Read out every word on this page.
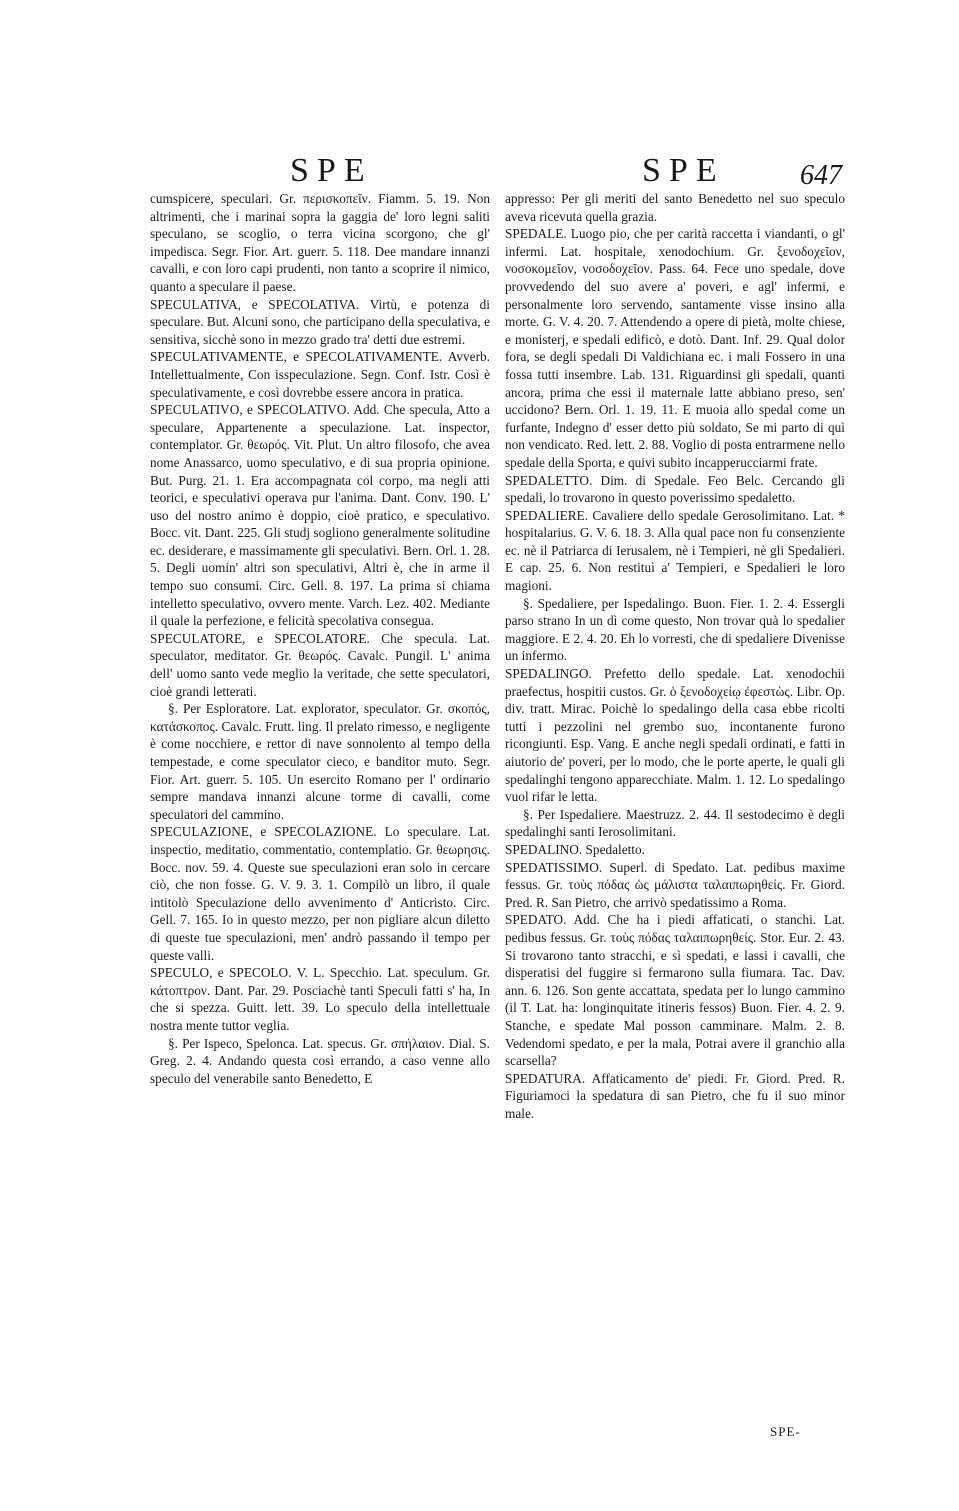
SPE	SPE	647

cumspicere, speculari. Gr. περισκοπεῖν. Fiamm. 5. 19. Non altrimenti, che i marinai sopra la gaggia de' loro legni saliti speculano, se scoglio, o terra vicina scorgono, che gl' impedisca. Segr. Fior. Art. guerr. 5. 118. Dee mandare innanzi cavalli, e con loro capi prudenti, non tanto a scoprire il nimico, quanto a speculare il paese.

SPECULATIVA, e SPECOLATIVA. Virtù, e potenza di speculare. But. Alcuni sono, che participano della speculativa, e sensitiva, sicchè sono in mezzo grado tra' detti due estremi.

SPECULATIVAMENTE, e SPECOLATIVAMENTE. Avverb. Intellettualmente, Con isspeculazione. Segn. Conf. Istr. Così è speculativamente, e così dovrebbe essere ancora in pratica.

SPECULATIVO, e SPECOLATIVO. Add. Che specula, Atto a speculare, Appartenente a speculazione. Lat. inspector, contemplator. Gr. θεωρός. Vit. Plut. Un altro filosofo, che avea nome Anassarco, uomo speculativo, e di sua propria opinione. But. Purg. 21. 1. Era accompagnata col corpo, ma negli atti teorici, e speculativi operava pur l'anima. Dant. Conv. 190. L' uso del nostro animo è doppio, cioè pratico, e speculativo. Bocc. vit. Dant. 225. Gli studj sogliono generalmente solitudine ec. desiderare, e massimamente gli speculativi. Bern. Orl. 1. 28. 5. Degli uomin' altri son speculativi, Altri è, che in arme il tempo suo consumi. Circ. Gell. 8. 197. La prima si chiama intelletto speculativo, ovvero mente. Varch. Lez. 402. Mediante il quale la perfezione, e felicità specolativa consegua.

SPECULATORE, e SPECOLATORE. Che specula. Lat. speculator, meditator. Gr. θεωρός. Cavalc. Pungil. L' anima dell' uomo santo vede meglio la veritade, che sette speculatori, cioè grandi letterati.

§. Per Esploratore. Lat. explorator, speculator. Gr. σκοπός, κατάσκοπος. Cavalc. Frutt. ling. Il prelato rimesso, e negligente è come nocchiere, e rettor di nave sonnolento al tempo della tempestade, e come speculator cieco, e banditor muto. Segr. Fior. Art. guerr. 5. 105. Un esercito Romano per l' ordinario sempre mandava innanzi alcune torme di cavalli, come speculatori del cammino.

SPECULAZIONE, e SPECOLAZIONE. Lo speculare. Lat. inspectio, meditatio, commentatio, contemplatio. Gr. θεωρησις. Bocc. nov. 59. 4. Queste sue speculazioni eran solo in cercare ciò, che non fosse. G. V. 9. 3. 1. Compilò un libro, il quale intitolò Speculazione dello avvenimento d' Anticristo. Circ. Gell. 7. 165. Io in questo mezzo, per non pigliare alcun diletto di queste tue speculazioni, men' andrò passando il tempo per queste valli.

SPECULO, e SPECOLO. V. L. Specchio. Lat. speculum. Gr. κάτοπτρον. Dant. Par. 29. Posciachè tanti Speculi fatti s' ha, In che si spezza. Guitt. lett. 39. Lo speculo della intellettuale nostra mente tuttor veglia.

§. Per Ispeco, Spelonca. Lat. specus. Gr. σπήλαιον. Dial. S. Greg. 2. 4. Andando questa così errando, a caso venne allo speculo del venerabile santo Benedetto, E

appresso: Per gli meriti del santo Benedetto nel suo speculo aveva ricevuta quella grazia.

SPEDALE. Luogo pio, che per carità raccetta i viandanti, o gl' infermi. Lat. hospitale, xenodochium. Gr. ξενοδοχεῖον, νοσοκομεῖον, νοσοδοχεῖον. Pass. 64. Fece uno spedale, dove provvedendo del suo avere a' poveri, e agl' infermi, e personalmente loro servendo, santamente visse insino alla morte. G. V. 4. 20. 7. Attendendo a opere di pietà, molte chiese, e monisterj, e spedali edificò, e dotò. Dant. Inf. 29. Qual dolor fora, se degli spedali Di Valdichiana ec. i mali Fossero in una fossa tutti insembre. Lab. 131. Riguardinsi gli spedali, quanti ancora, prima che essi il maternale latte abbiano preso, sen' uccidono? Bern. Orl. 1. 19. 11. E muoia allo spedal come un furfante, Indegno d' esser detto più soldato, Se mi parto di quì non vendicato. Red. lett. 2. 88. Voglio di posta entrarmene nello spedale della Sporta, e quivi subito incapperucciarmi frate.

SPEDALETTO. Dim. di Spedale. Feo Belc. Cercando gli spedali, lo trovarono in questo poverissimo spedaletto.

SPEDALIERE. Cavaliere dello spedale Gerosolimitano. Lat. * hospitalarius. G. V. 6. 18. 3. Alla qual pace non fu consenziente ec. nè il Patriarca di Ierusalem, nè i Tempieri, nè gli Spedalieri. E cap. 25. 6. Non restituì a' Tempieri, e Spedalieri le loro magioni.

§. Spedaliere, per Ispedalingo. Buon. Fier. 1. 2. 4. Essergli parso strano In un dì come questo, Non trovar quà lo spedalier maggiore. E 2. 4. 20. Eh lo vorresti, che di spedaliere Divenisse un infermo.

SPEDALINGO. Prefetto dello spedale. Lat. xenodochii praefectus, hospitii custos. Gr. ὁ ξενοδοχείῳ ἐφεστὼς. Libr. Op. div. tratt. Mirac. Poichè lo spedalingo della casa ebbe ricolti tutti i pezzolini nel grembo suo, incontanente furono ricongiunti. Esp. Vang. E anche negli spedali ordinati, e fatti in aiutorio de' poveri, per lo modo, che le porte aperte, le quali gli spedalinghi tengono apparecchiate. Malm. 1. 12. Lo spedalingo vuol rifar le letta.

§. Per Ispedaliere. Maestruzz. 2. 44. Il sestodecimo è degli spedalinghi santi Ierosolimitani.

SPEDALINO. Spedaletto.

SPEDATISSIMO. Superl. di Spedato. Lat. pedibus maxime fessus. Gr. τοὺς πόδας ὡς μάλιστα ταλαιπωρηθείς. Fr. Giord. Pred. R. San Pietro, che arrivò spedatissimo a Roma.

SPEDATO. Add. Che ha i piedi affaticati, o stanchi. Lat. pedibus fessus. Gr. τοὺς πόδας ταλαιπωρηθείς. Stor. Eur. 2. 43. Si trovarono tanto stracchi, e sì spedati, e lassi i cavalli, che disperatisi del fuggire si fermarono sulla fiumara. Tac. Dav. ann. 6. 126. Son gente accattata, spedata per lo lungo cammino (il T. Lat. ha: longinquitate itineris fessos) Buon. Fier. 4. 2. 9. Stanche, e spedate Mal posson camminare. Malm. 2. 8. Vedendomi spedato, e per la mala, Potrai avere il granchio alla scarsella?

SPEDATURA. Affaticamento de' piedi. Fr. Giord. Pred. R. Figuriamoci la spedatura di san Pietro, che fu il suo minor male.

SPE-
